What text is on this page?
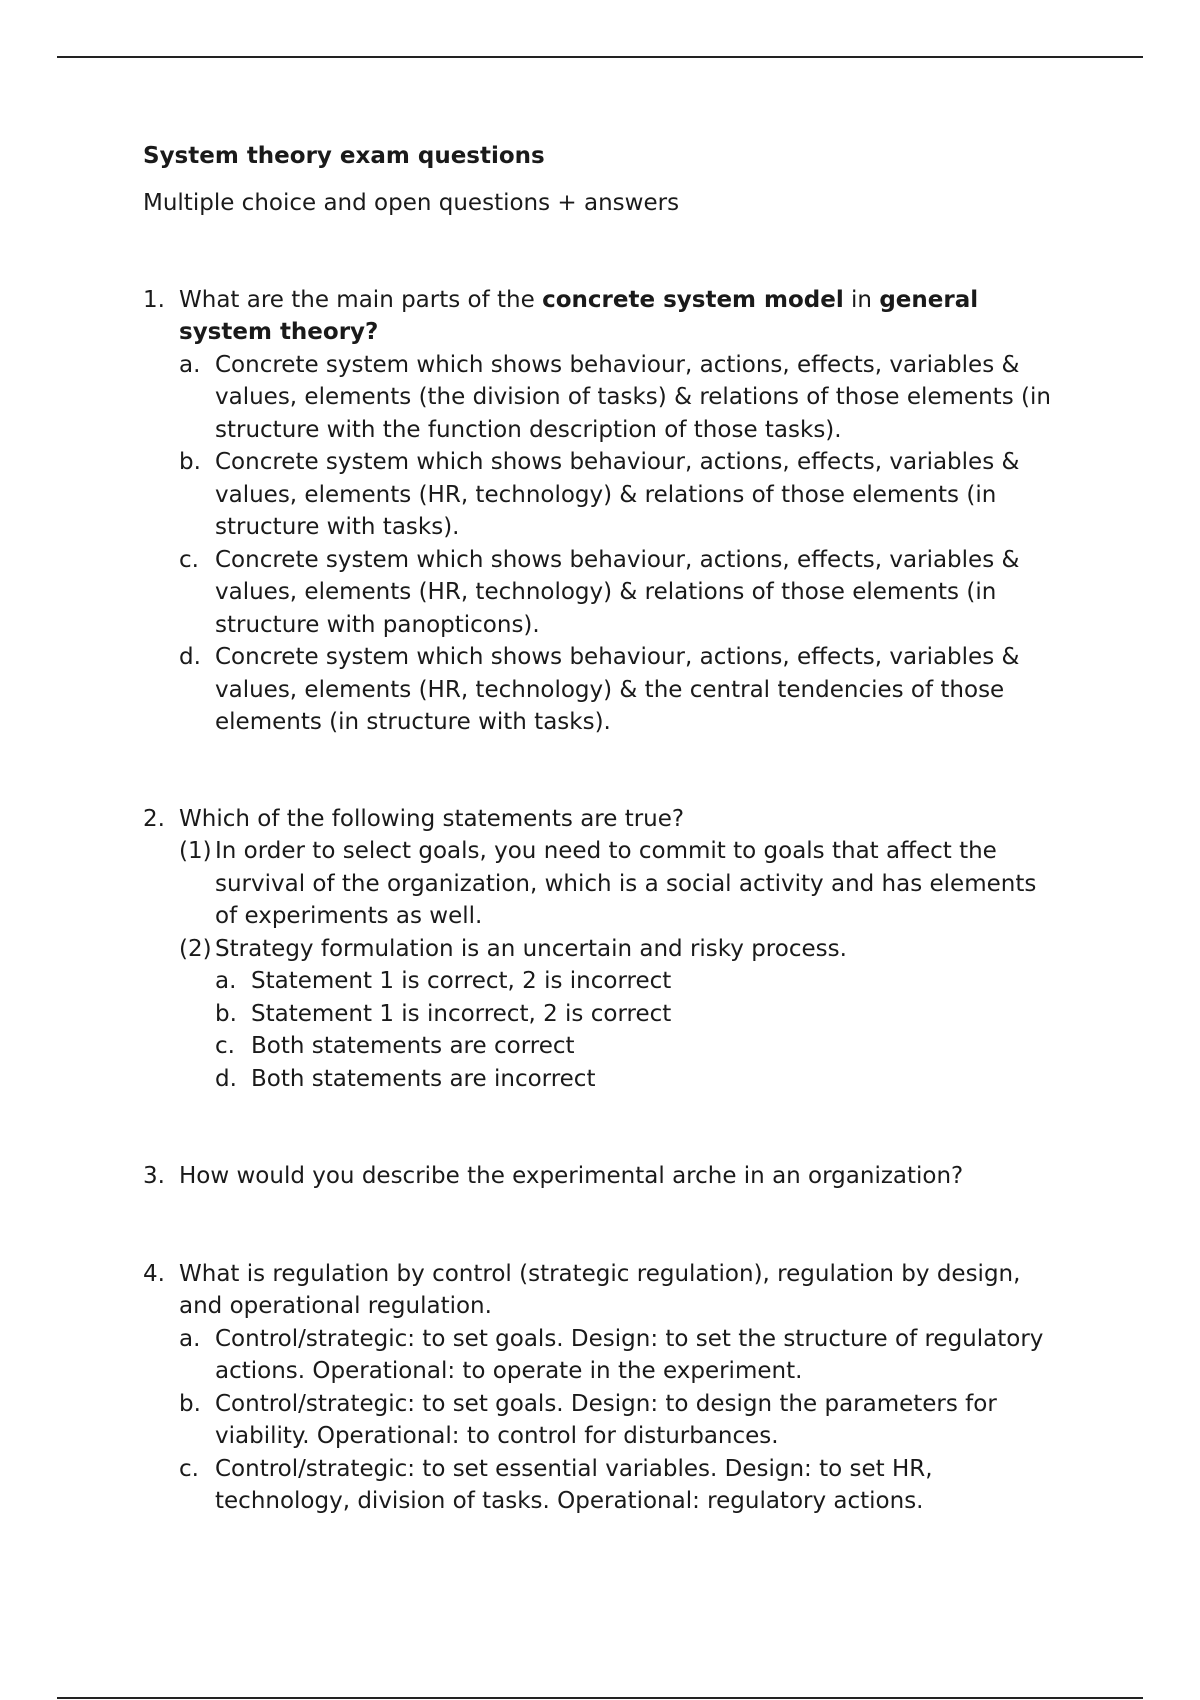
System theory exam questions

Multiple choice and open questions + answers

1. What are the main parts of the concrete system model in general system theory?

a. Concrete system which shows behaviour, actions, effects, variables & values, elements (the division of tasks) & relations of those elements (in structure with the function description of those tasks).
b. Concrete system which shows behaviour, actions, effects, variables & values, elements (HR, technology) & relations of those elements (in structure with tasks).
c. Concrete system which shows behaviour, actions, effects, variables & values, elements (HR, technology) & relations of those elements (in structure with panopticons).
d. Concrete system which shows behaviour, actions, effects, variables & values, elements (HR, technology) & the central tendencies of those elements (in structure with tasks).
2. Which of the following statements are true?

(1) In order to select goals, you need to commit to goals that affect the survival of the organization, which is a social activity and has elements of experiments as well.
(2) Strategy formulation is an uncertain and risky process.
a. Statement 1 is correct, 2 is incorrect
b. Statement 1 is incorrect, 2 is correct
c. Both statements are correct
d. Both statements are incorrect
3. How would you describe the experimental arche in an organization?

4. What is regulation by control (strategic regulation), regulation by design, and operational regulation.

a. Control/strategic: to set goals. Design: to set the structure of regulatory actions. Operational: to operate in the experiment.
b. Control/strategic: to set goals. Design: to design the parameters for viability. Operational: to control for disturbances.
c. Control/strategic: to set essential variables. Design: to set HR, technology, division of tasks. Operational: regulatory actions.
